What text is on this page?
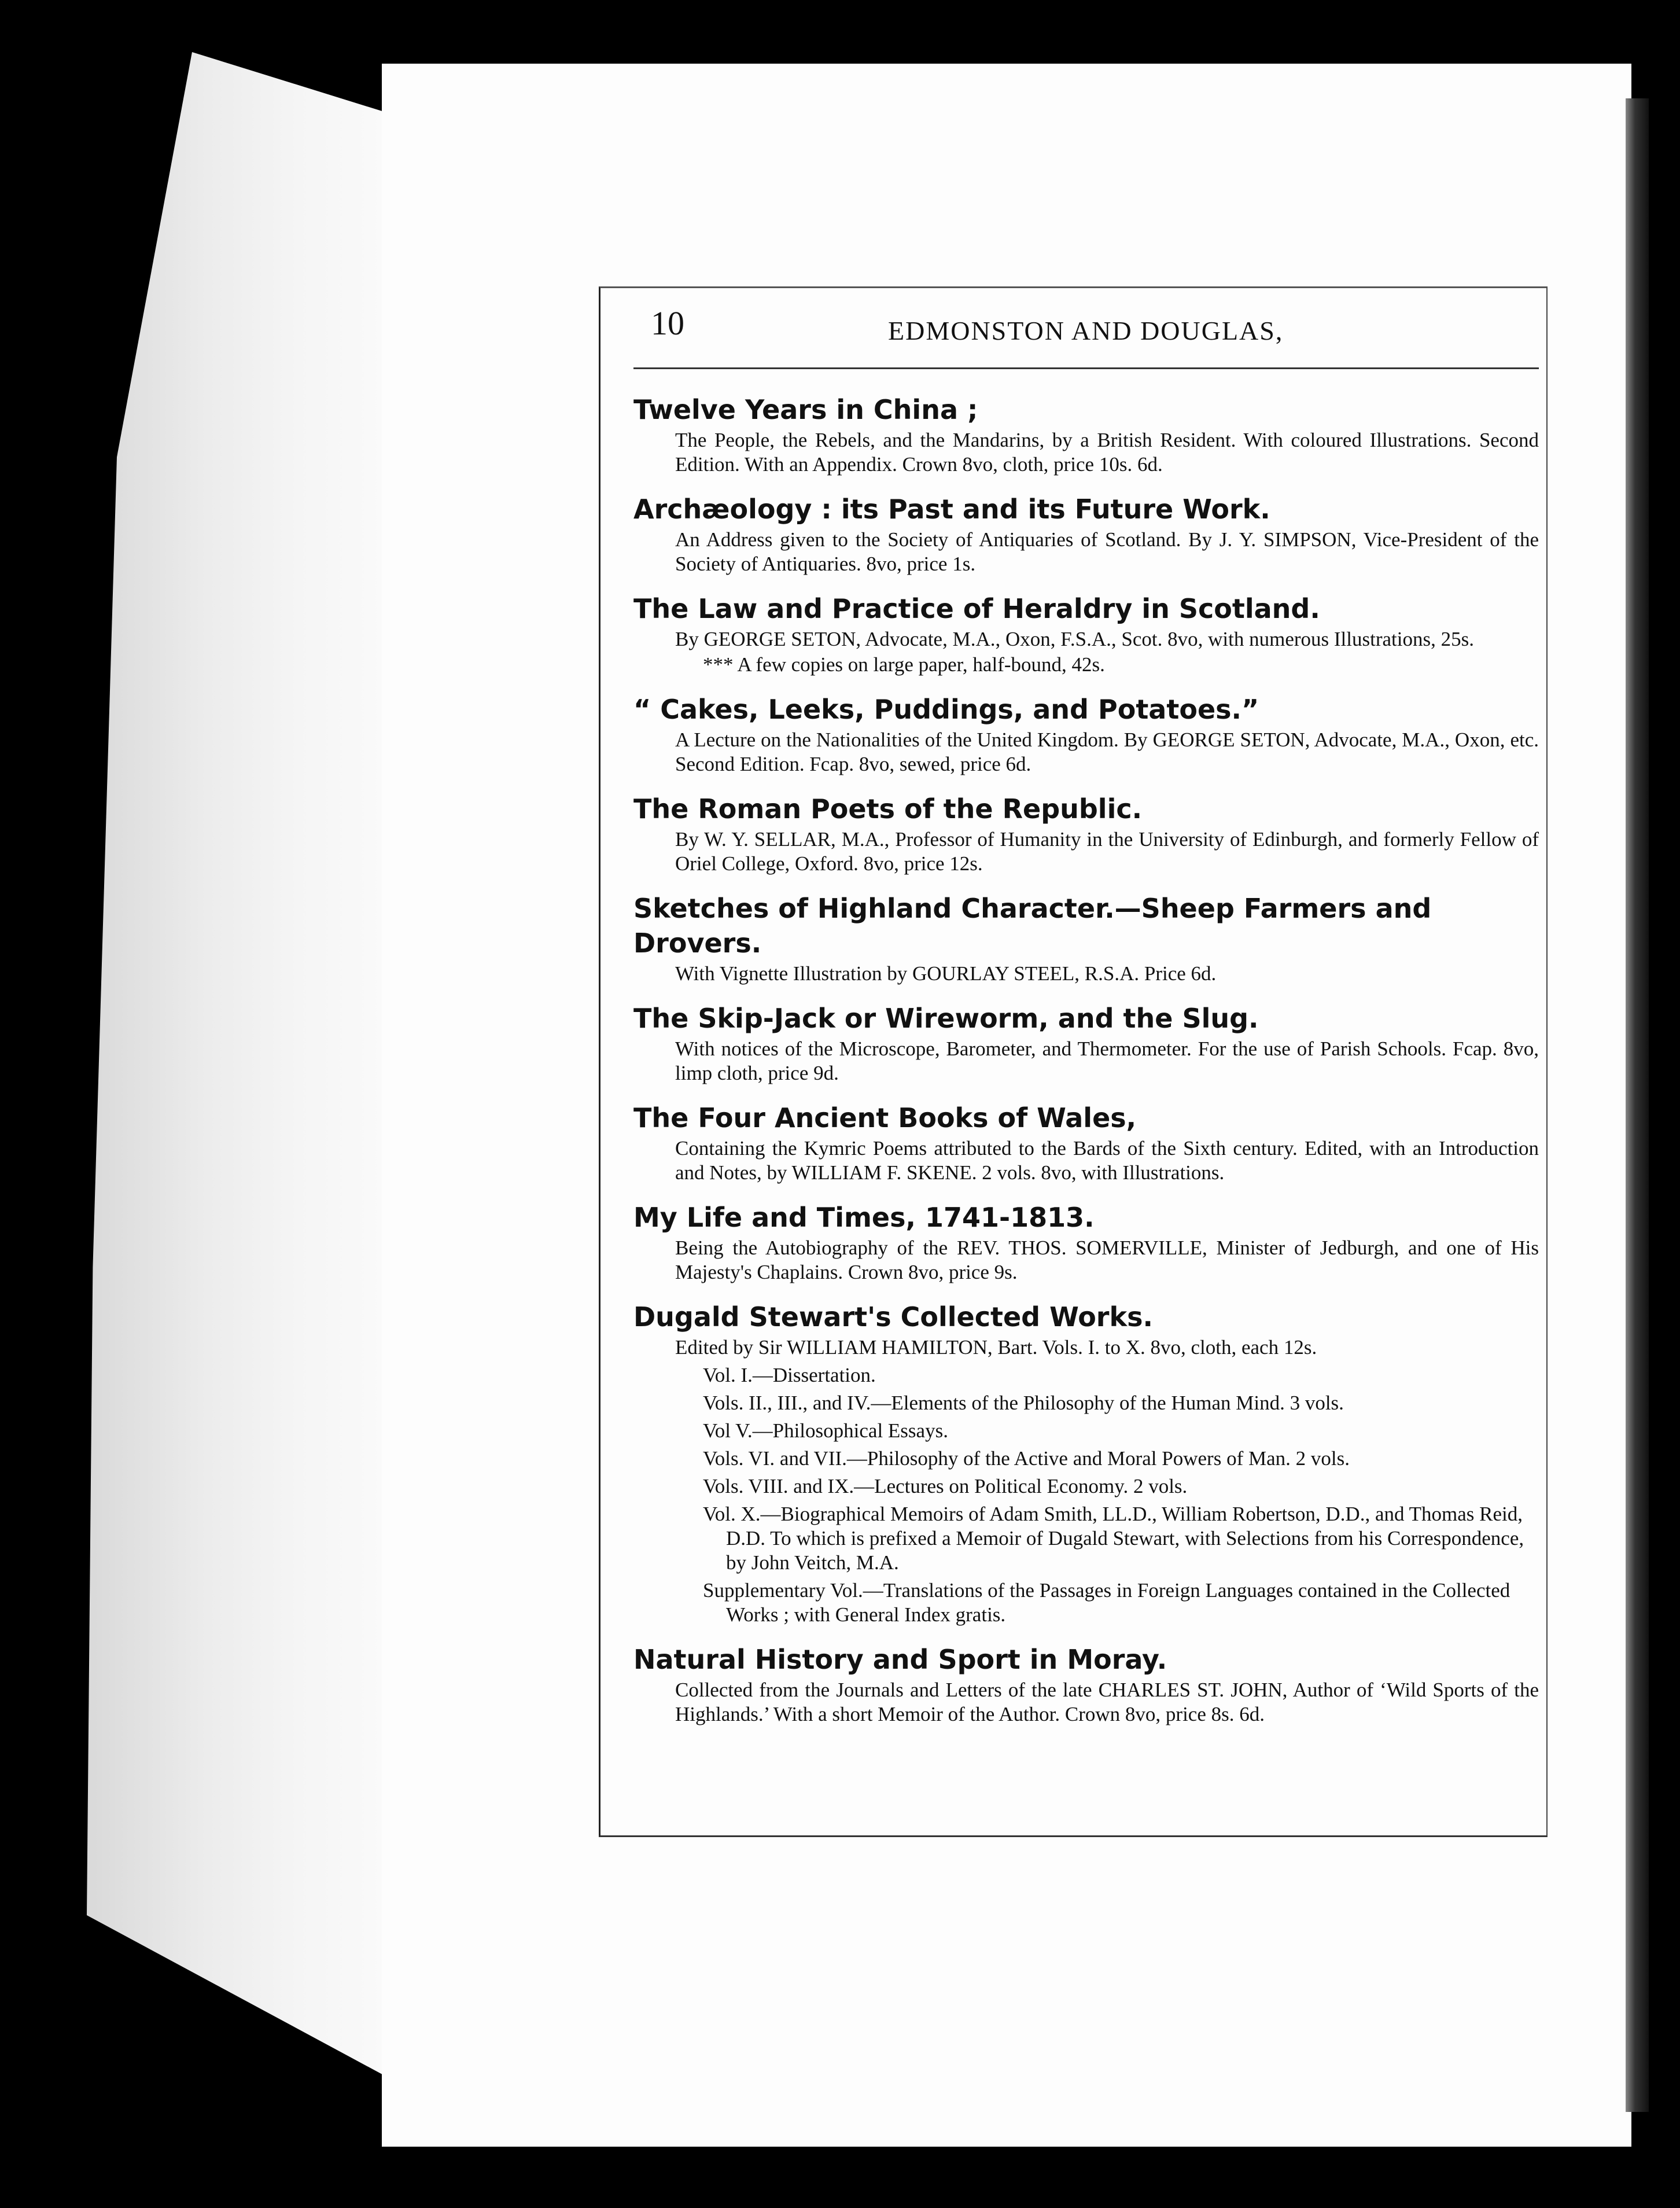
10	EDMONSTON AND DOUGLAS,
Twelve Years in China ;

The People, the Rebels, and the Mandarins, by a British Resident. With coloured Illustrations. Second Edition. With an Appendix. Crown 8vo, cloth, price 10s. 6d.

Archæology : its Past and its Future Work.

An Address given to the Society of Antiquaries of Scotland. By J. Y. SIMPSON, Vice-President of the Society of Antiquaries. 8vo, price 1s.

The Law and Practice of Heraldry in Scotland.

By GEORGE SETON, Advocate, M.A., Oxon, F.S.A., Scot. 8vo, with numerous Illustrations, 25s.

*** A few copies on large paper, half-bound, 42s.

“ Cakes, Leeks, Puddings, and Potatoes.”

A Lecture on the Nationalities of the United Kingdom. By GEORGE SETON, Advocate, M.A., Oxon, etc. Second Edition. Fcap. 8vo, sewed, price 6d.

The Roman Poets of the Republic.

By W. Y. SELLAR, M.A., Professor of Humanity in the University of Edinburgh, and formerly Fellow of Oriel College, Oxford. 8vo, price 12s.

Sketches of Highland Character.—Sheep Farmers and Drovers.

With Vignette Illustration by GOURLAY STEEL, R.S.A. Price 6d.

The Skip-Jack or Wireworm, and the Slug.

With notices of the Microscope, Barometer, and Thermometer. For the use of Parish Schools. Fcap. 8vo, limp cloth, price 9d.

The Four Ancient Books of Wales,

Containing the Kymric Poems attributed to the Bards of the Sixth century. Edited, with an Introduction and Notes, by WILLIAM F. SKENE. 2 vols. 8vo, with Illustrations.

My Life and Times, 1741-1813.

Being the Autobiography of the REV. THOS. SOMERVILLE, Minister of Jedburgh, and one of His Majesty's Chaplains. Crown 8vo, price 9s.

Dugald Stewart's Collected Works.

Edited by Sir WILLIAM HAMILTON, Bart. Vols. I. to X. 8vo, cloth, each 12s.

Vol. I.—Dissertation.
Vols. II., III., and IV.—Elements of the Philosophy of the Human Mind. 3 vols.
Vol V.—Philosophical Essays.
Vols. VI. and VII.—Philosophy of the Active and Moral Powers of Man. 2 vols.
Vols. VIII. and IX.—Lectures on Political Economy. 2 vols.
Vol. X.—Biographical Memoirs of Adam Smith, LL.D., William Robertson, D.D., and Thomas Reid, D.D. To which is prefixed a Memoir of Dugald Stewart, with Selections from his Correspondence, by John Veitch, M.A.
Supplementary Vol.—Translations of the Passages in Foreign Languages contained in the Collected Works ; with General Index gratis.
Natural History and Sport in Moray.

Collected from the Journals and Letters of the late CHARLES ST. JOHN, Author of ‘Wild Sports of the Highlands.’ With a short Memoir of the Author. Crown 8vo, price 8s. 6d.
